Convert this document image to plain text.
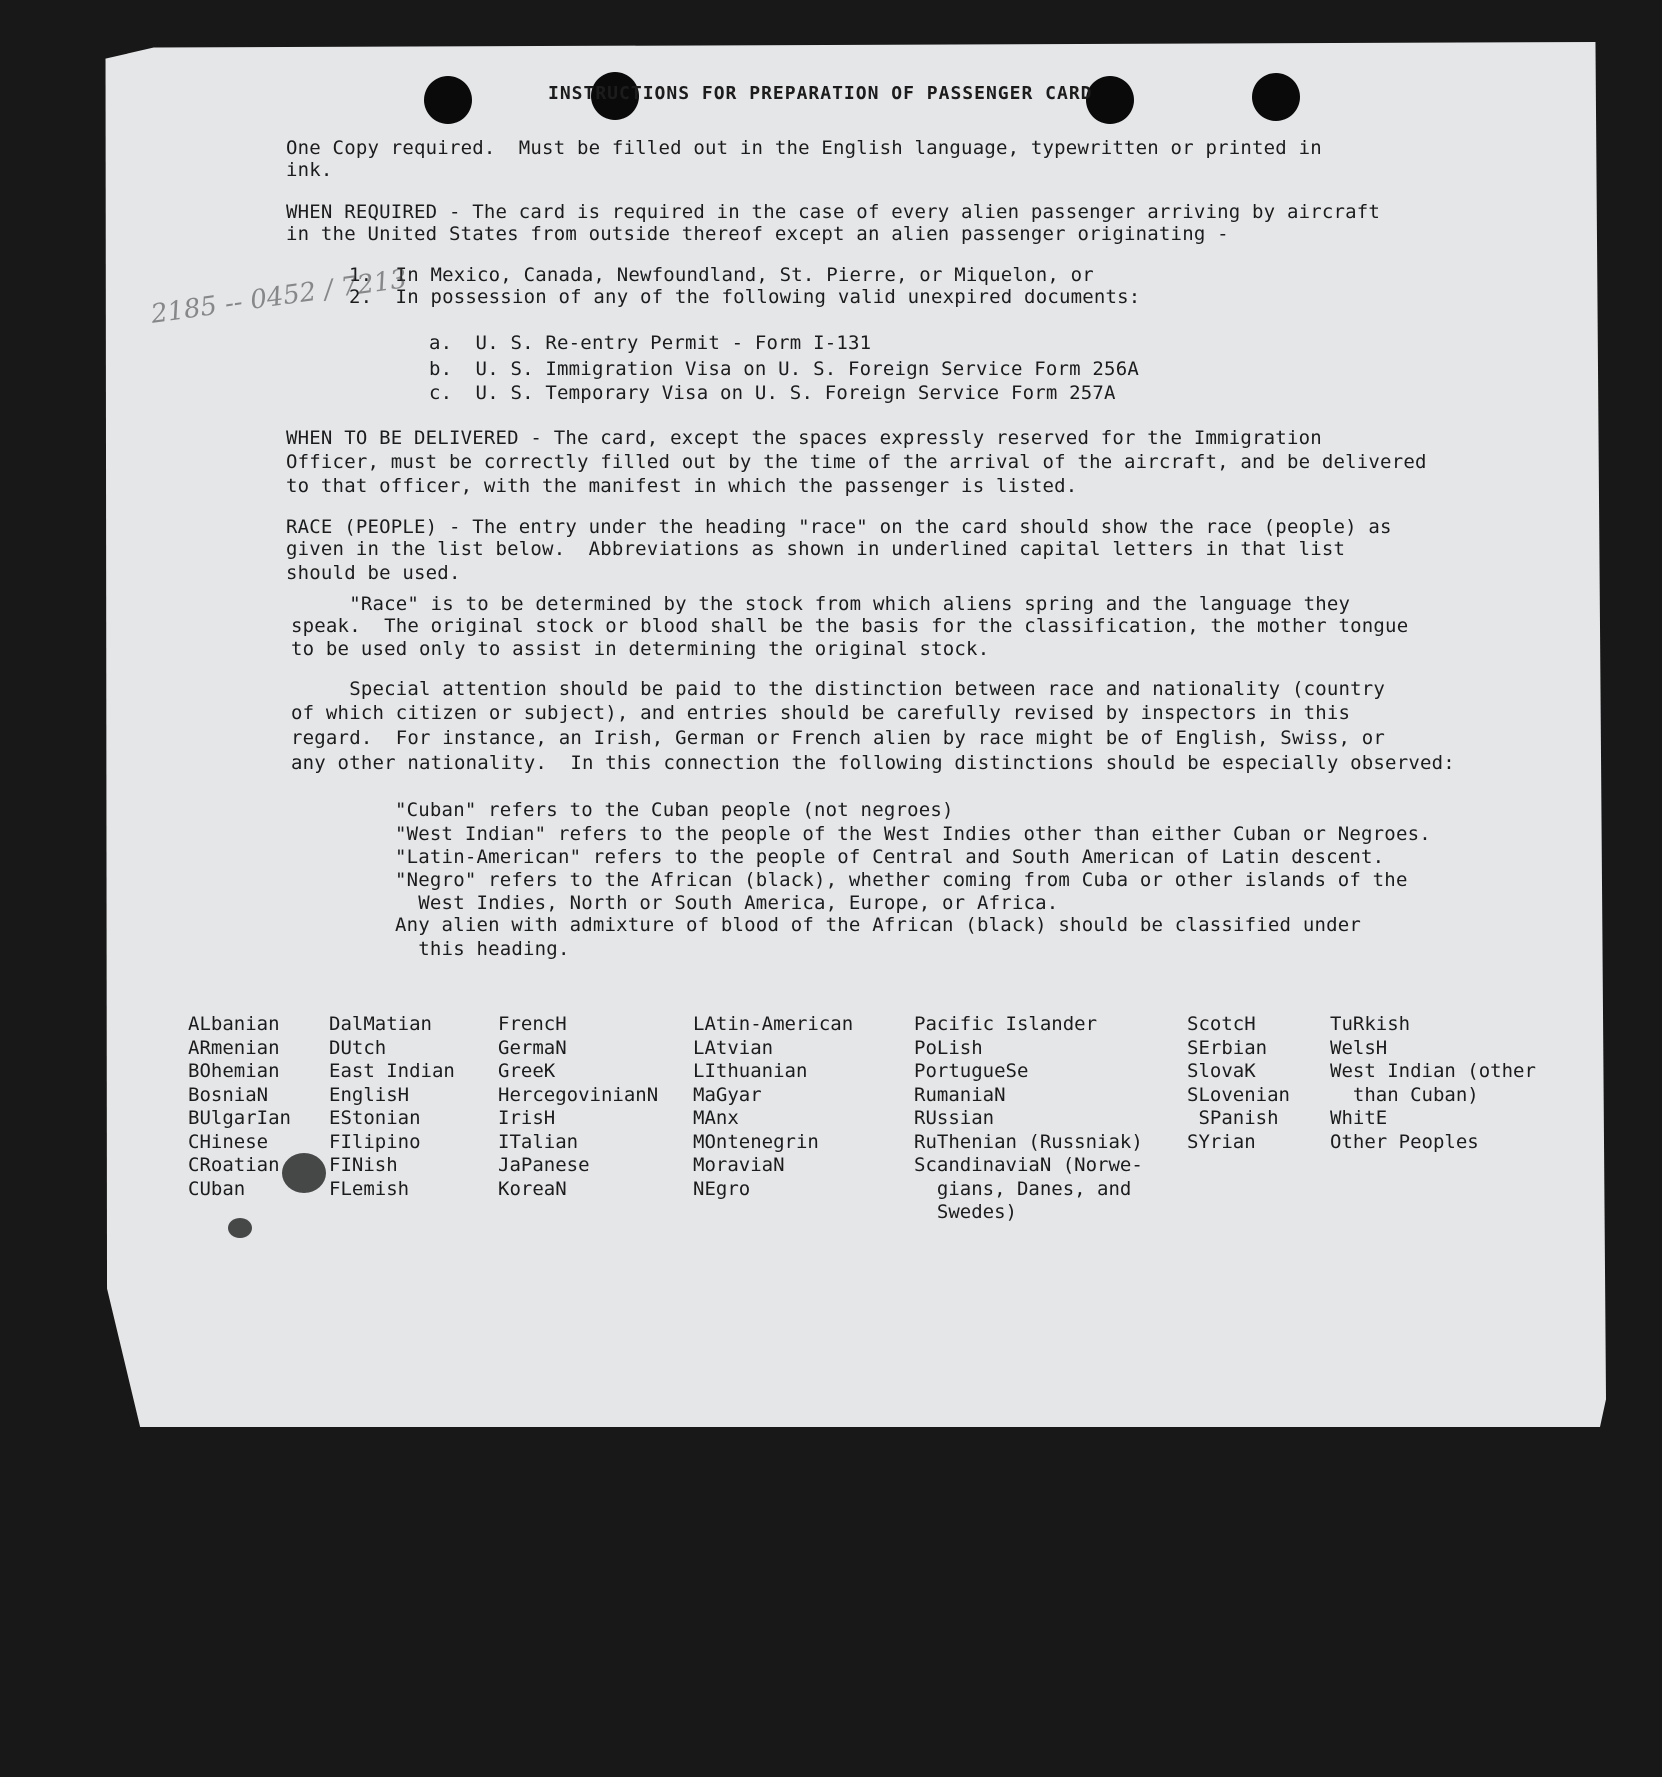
INSTRUCTIONS FOR PREPARATION OF PASSENGER CARD
One Copy required.  Must be filled out in the English language, typewritten or printed in
ink.
WHEN REQUIRED - The card is required in the case of every alien passenger arriving by aircraft
in the United States from outside thereof except an alien passenger originating -
1.  In Mexico, Canada, Newfoundland, St. Pierre, or Miquelon, or
2.  In possession of any of the following valid unexpired documents:
a.  U. S. Re-entry Permit - Form I-131
b.  U. S. Immigration Visa on U. S. Foreign Service Form 256A
c.  U. S. Temporary Visa on U. S. Foreign Service Form 257A
WHEN TO BE DELIVERED - The card, except the spaces expressly reserved for the Immigration
Officer, must be correctly filled out by the time of the arrival of the aircraft, and be delivered
to that officer, with the manifest in which the passenger is listed.
RACE (PEOPLE) - The entry under the heading "race" on the card should show the race (people) as
given in the list below.  Abbreviations as shown in underlined capital letters in that list
should be used.
"Race" is to be determined by the stock from which aliens spring and the language they
speak.  The original stock or blood shall be the basis for the classification, the mother tongue
to be used only to assist in determining the original stock.
Special attention should be paid to the distinction between race and nationality (country
of which citizen or subject), and entries should be carefully revised by inspectors in this
regard.  For instance, an Irish, German or French alien by race might be of English, Swiss, or
any other nationality.  In this connection the following distinctions should be especially observed:
"Cuban" refers to the Cuban people (not negroes)
"West Indian" refers to the people of the West Indies other than either Cuban or Negroes.
"Latin-American" refers to the people of Central and South American of Latin descent.
"Negro" refers to the African (black), whether coming from Cuba or other islands of the
West Indies, North or South America, Europe, or Africa.
Any alien with admixture of blood of the African (black) should be classified under
this heading.
ALbanian
ARmenian
BOhemian
BosniaN
BUlgarIan
CHinese
CRoatian
CUban
DalMatian
DUtch
East Indian
EnglisH
EStonian
FIlipino
FINish
FLemish
FrencH
GermaN
GreeK
HercegovinianN
IrisH
ITalian
JaPanese
KoreaN
LAtin-American
LAtvian
LIthuanian
MaGyar
MAnx
MOntenegrin
MoraviaN
NEgro
Pacific Islander
PoLish
PortugueSe
RumaniaN
RUssian
RuThenian (Russniak)
ScandinaviaN (Norwe-
gians, Danes, and
Swedes)
ScotcH
SErbian
SlovaK
SLovenian
SPanish
SYrian
TuRkish
WelsH
West Indian (other
than Cuban)
WhitE
Other Peoples
2185 -- 0452 / 7213
